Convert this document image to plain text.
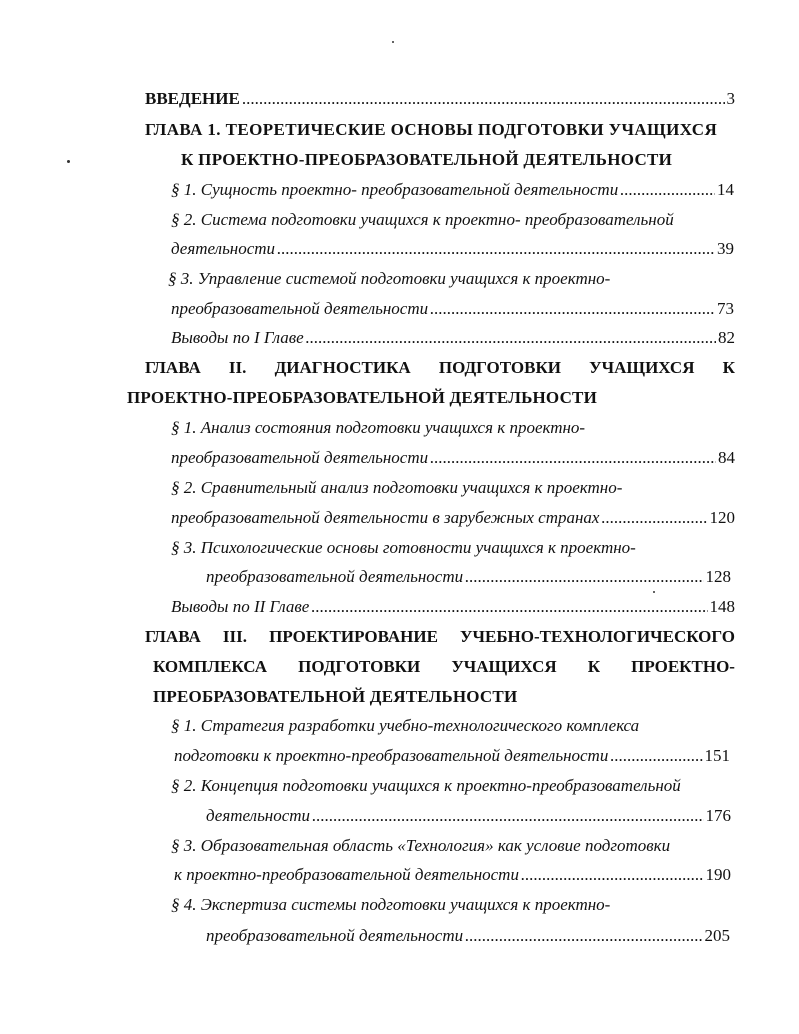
ВВЕДЕНИЕ .....	3
ГЛАВА 1. ТЕОРЕТИЧЕСКИЕ ОСНОВЫ ПОДГОТОВКИ УЧАЩИХСЯ
К ПРОЕКТНО-ПРЕОБРАЗОВАТЕЛЬНОЙ ДЕЯТЕЛЬНОСТИ
§ 1. Сущность проектно- преобразовательной деятельности .....	14
§ 2. Система подготовки учащихся к проектно- преобразовательной
деятельности .....	39
§ 3. Управление системой подготовки учащихся к проектно-
преобразовательной деятельности .....	73
Выводы по I Главе .....	82
ГЛАВА II. ДИАГНОСТИКА ПОДГОТОВКИ УЧАЩИХСЯ К
ПРОЕКТНО-ПРЕОБРАЗОВАТЕЛЬНОЙ ДЕЯТЕЛЬНОСТИ
§ 1. Анализ состояния подготовки учащихся к проектно-
преобразовательной деятельности .....	84
§ 2. Сравнительный анализ подготовки учащихся к проектно-
преобразовательной деятельности в зарубежных странах .....	120
§ 3. Психологические основы готовности учащихся к проектно-
преобразовательной деятельности .....	128
Выводы по II Главе .....	148
ГЛАВА III. ПРОЕКТИРОВАНИЕ УЧЕБНО-ТЕХНОЛОГИЧЕСКОГО
КОМПЛЕКСА ПОДГОТОВКИ УЧАЩИХСЯ К ПРОЕКТНО-
ПРЕОБРАЗОВАТЕЛЬНОЙ ДЕЯТЕЛЬНОСТИ
§ 1. Стратегия разработки учебно-технологического комплекса
подготовки к проектно-преобразовательной деятельности .....	151
§ 2. Концепция подготовки учащихся к проектно-преобразовательной
деятельности .....	176
§ 3. Образовательная область «Технология» как условие подготовки
к проектно-преобразовательной деятельности .....	190
§ 4. Экспертиза системы подготовки учащихся к проектно-
преобразовательной деятельности .....	205
